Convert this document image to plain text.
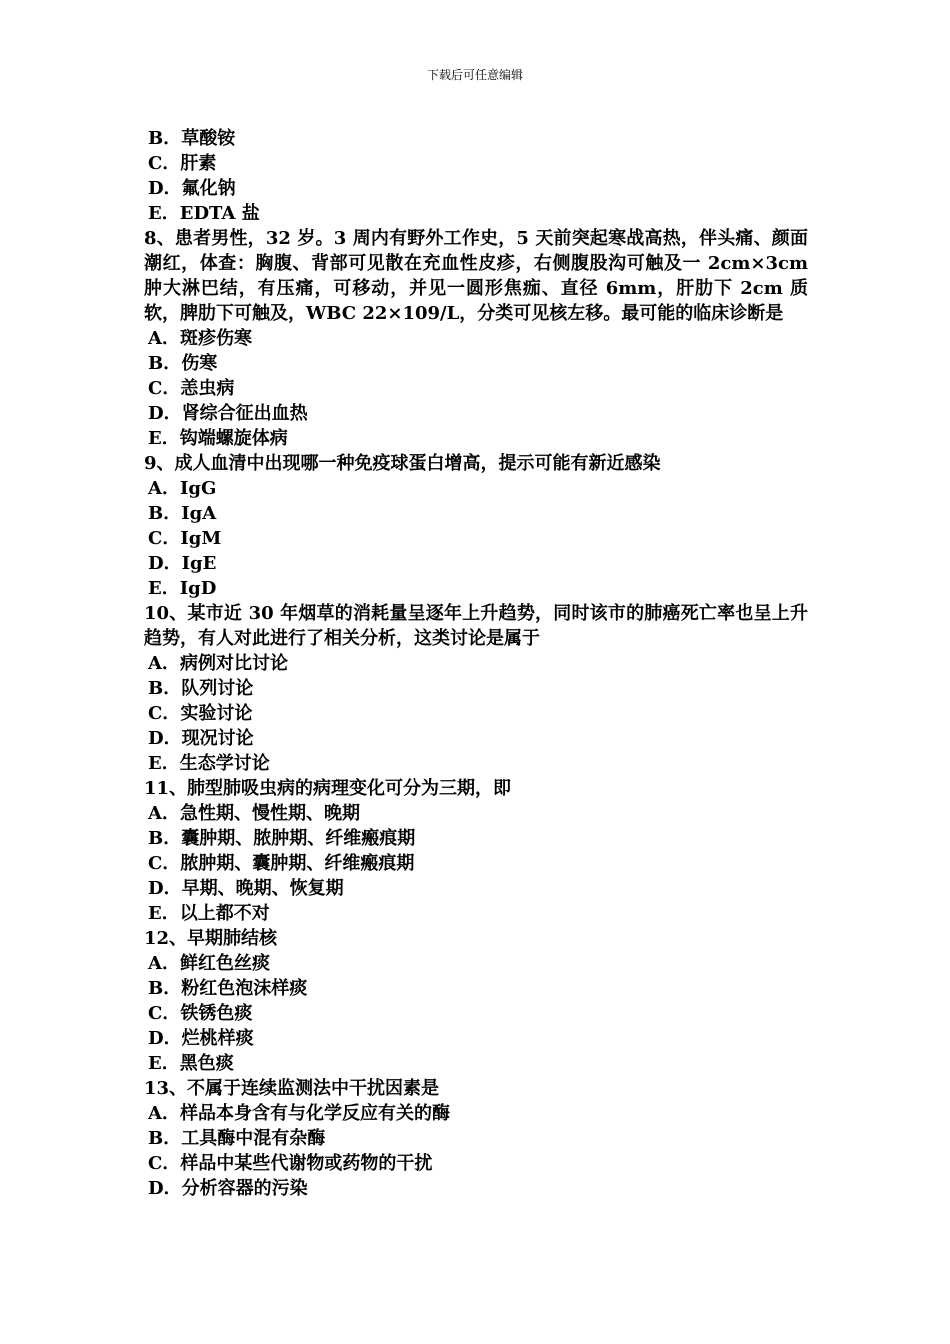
下载后可任意编辑
B．草酸铵
C．肝素
D．氟化钠
E．EDTA 盐
8、患者男性，32 岁。3 周内有野外工作史，5 天前突起寒战高热，伴头痛、颜面潮红，体查：胸腹、背部可见散在充血性皮疹，右侧腹股沟可触及一 2cm×3cm 肿大淋巴结，有压痛，可移动，并见一圆形焦痂、直径 6mm，肝肋下 2cm 质软，脾肋下可触及，WBC 22×109/L，分类可见核左移。最可能的临床诊断是
A．斑疹伤寒
B．伤寒
C．恙虫病
D．肾综合征出血热
E．钩端螺旋体病
9、成人血清中出现哪一种免疫球蛋白增高，提示可能有新近感染
A．IgG
B．IgA
C．IgM
D．IgE
E．IgD
10、某市近 30 年烟草的消耗量呈逐年上升趋势，同时该市的肺癌死亡率也呈上升趋势，有人对此进行了相关分析，这类讨论是属于
A．病例对比讨论
B．队列讨论
C．实验讨论
D．现况讨论
E．生态学讨论
11、肺型肺吸虫病的病理变化可分为三期，即
A．急性期、慢性期、晚期
B．囊肿期、脓肿期、纤维瘢痕期
C．脓肿期、囊肿期、纤维瘢痕期
D．早期、晚期、恢复期
E．以上都不对
12、早期肺结核
A．鲜红色丝痰
B．粉红色泡沫样痰
C．铁锈色痰
D．烂桃样痰
E．黑色痰
13、不属于连续监测法中干扰因素是
A．样品本身含有与化学反应有关的酶
B．工具酶中混有杂酶
C．样品中某些代谢物或药物的干扰
D．分析容器的污染
